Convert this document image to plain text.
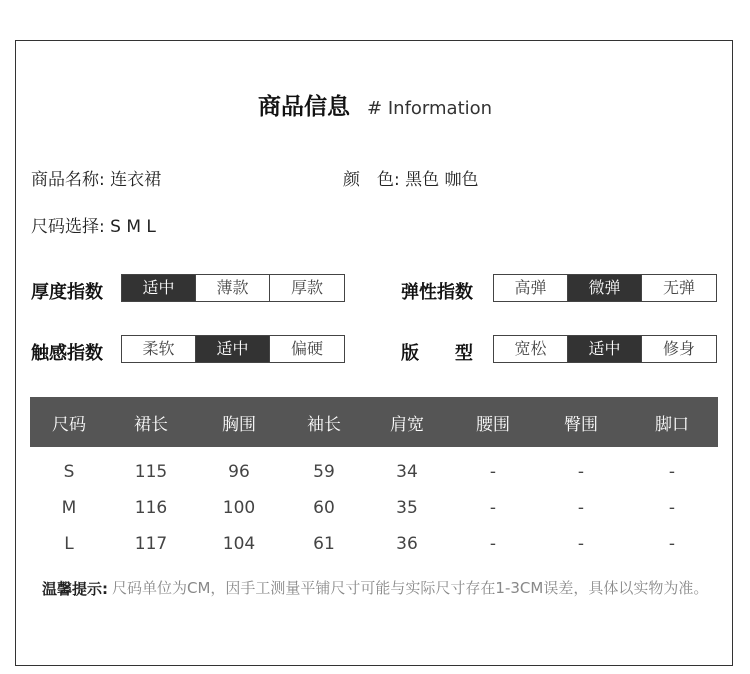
商品信息 # Information
商品名称: 连衣裙	颜　色: 黑色 咖色
尺码选择: S M L
厚度指数	适中	薄款	厚款	弹性指数	高弹	微弹	无弹
触感指数	柔软	适中	偏硬	版　　型	宽松	适中	修身
尺码	裙长	胸围	袖长	肩宽	腰围	臀围	脚口
S	115	96	59	34	-	-	-
M	116	100	60	35	-	-	-
L	117	104	61	36	-	-	-
温馨提示: 尺码单位为CM，因手工测量平铺尺寸可能与实际尺寸存在1-3CM误差，具体以实物为准。
